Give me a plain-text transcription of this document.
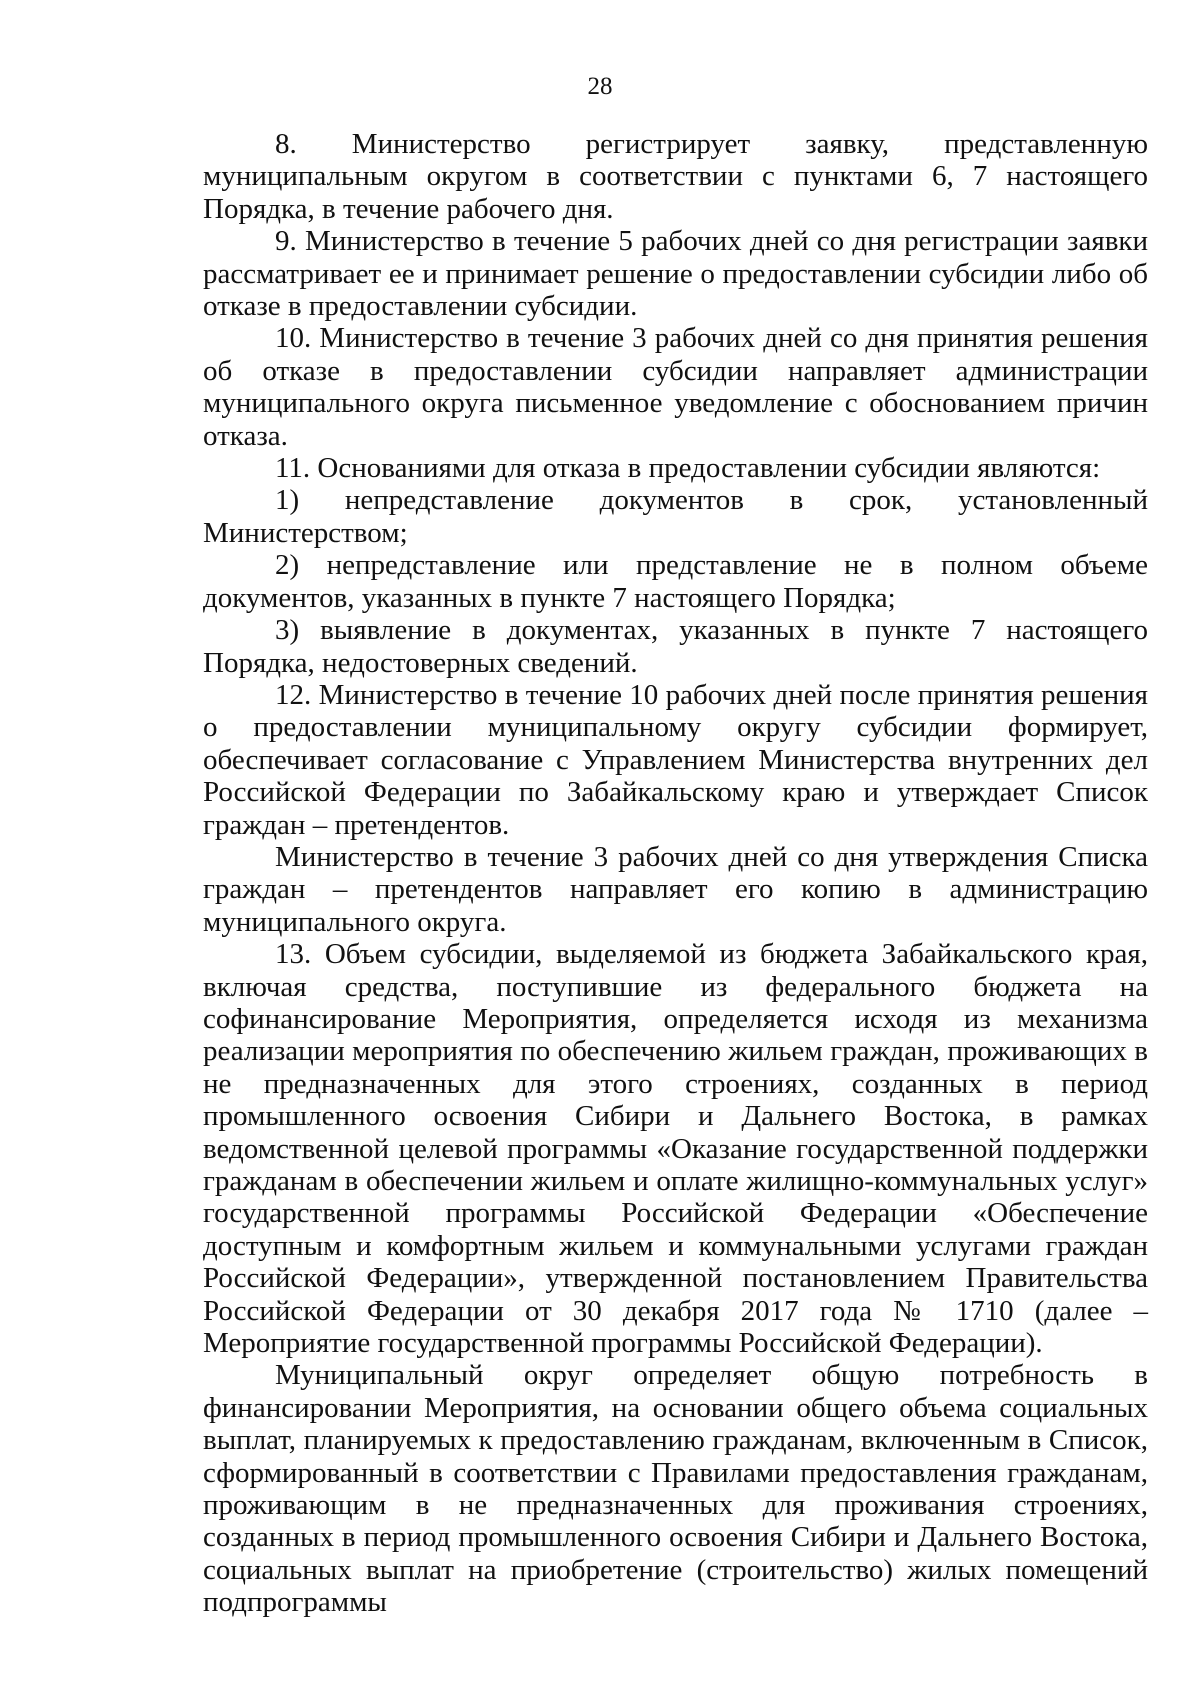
28

8. Министерство регистрирует заявку, представленную муниципальным округом в соответствии с пунктами 6, 7 настоящего Порядка, в течение рабочего дня.

9. Министерство в течение 5 рабочих дней со дня регистрации заявки рассматривает ее и принимает решение о предоставлении субсидии либо об отказе в предоставлении субсидии.

10. Министерство в течение 3 рабочих дней со дня принятия решения об отказе в предоставлении субсидии направляет администрации муниципального округа письменное уведомление с обоснованием причин отказа.

11. Основаниями для отказа в предоставлении субсидии являются:

1) непредставление документов в срок, установленный Министерством;

2) непредставление или представление не в полном объеме документов, указанных в пункте 7 настоящего Порядка;

3) выявление в документах, указанных в пункте 7 настоящего Порядка, недостоверных сведений.

12. Министерство в течение 10 рабочих дней после принятия решения о предоставлении муниципальному округу субсидии формирует, обеспечивает согласование с Управлением Министерства внутренних дел Российской Федерации по Забайкальскому краю и утверждает Список граждан – претендентов.

Министерство в течение 3 рабочих дней со дня утверждения Списка граждан – претендентов направляет его копию в администрацию муниципального округа.

13. Объем субсидии, выделяемой из бюджета Забайкальского края, включая средства, поступившие из федерального бюджета на софинансирование Мероприятия, определяется исходя из механизма реализации мероприятия по обеспечению жильем граждан, проживающих в не предназначенных для этого строениях, созданных в период промышленного освоения Сибири и Дальнего Востока, в рамках ведомственной целевой программы «Оказание государственной поддержки гражданам в обеспечении жильем и оплате жилищно-коммунальных услуг» государственной программы Российской Федерации «Обеспечение доступным и комфортным жильем и коммунальными услугами граждан Российской Федерации», утвержденной постановлением Правительства Российской Федерации от 30 декабря 2017 года № 1710 (далее – Мероприятие государственной программы Российской Федерации).

Муниципальный округ определяет общую потребность в финансировании Мероприятия, на основании общего объема социальных выплат, планируемых к предоставлению гражданам, включенным в Список, сформированный в соответствии с Правилами предоставления гражданам, проживающим в не предназначенных для проживания строениях, созданных в период промышленного освоения Сибири и Дальнего Востока, социальных выплат на приобретение (строительство) жилых помещений подпрограммы
